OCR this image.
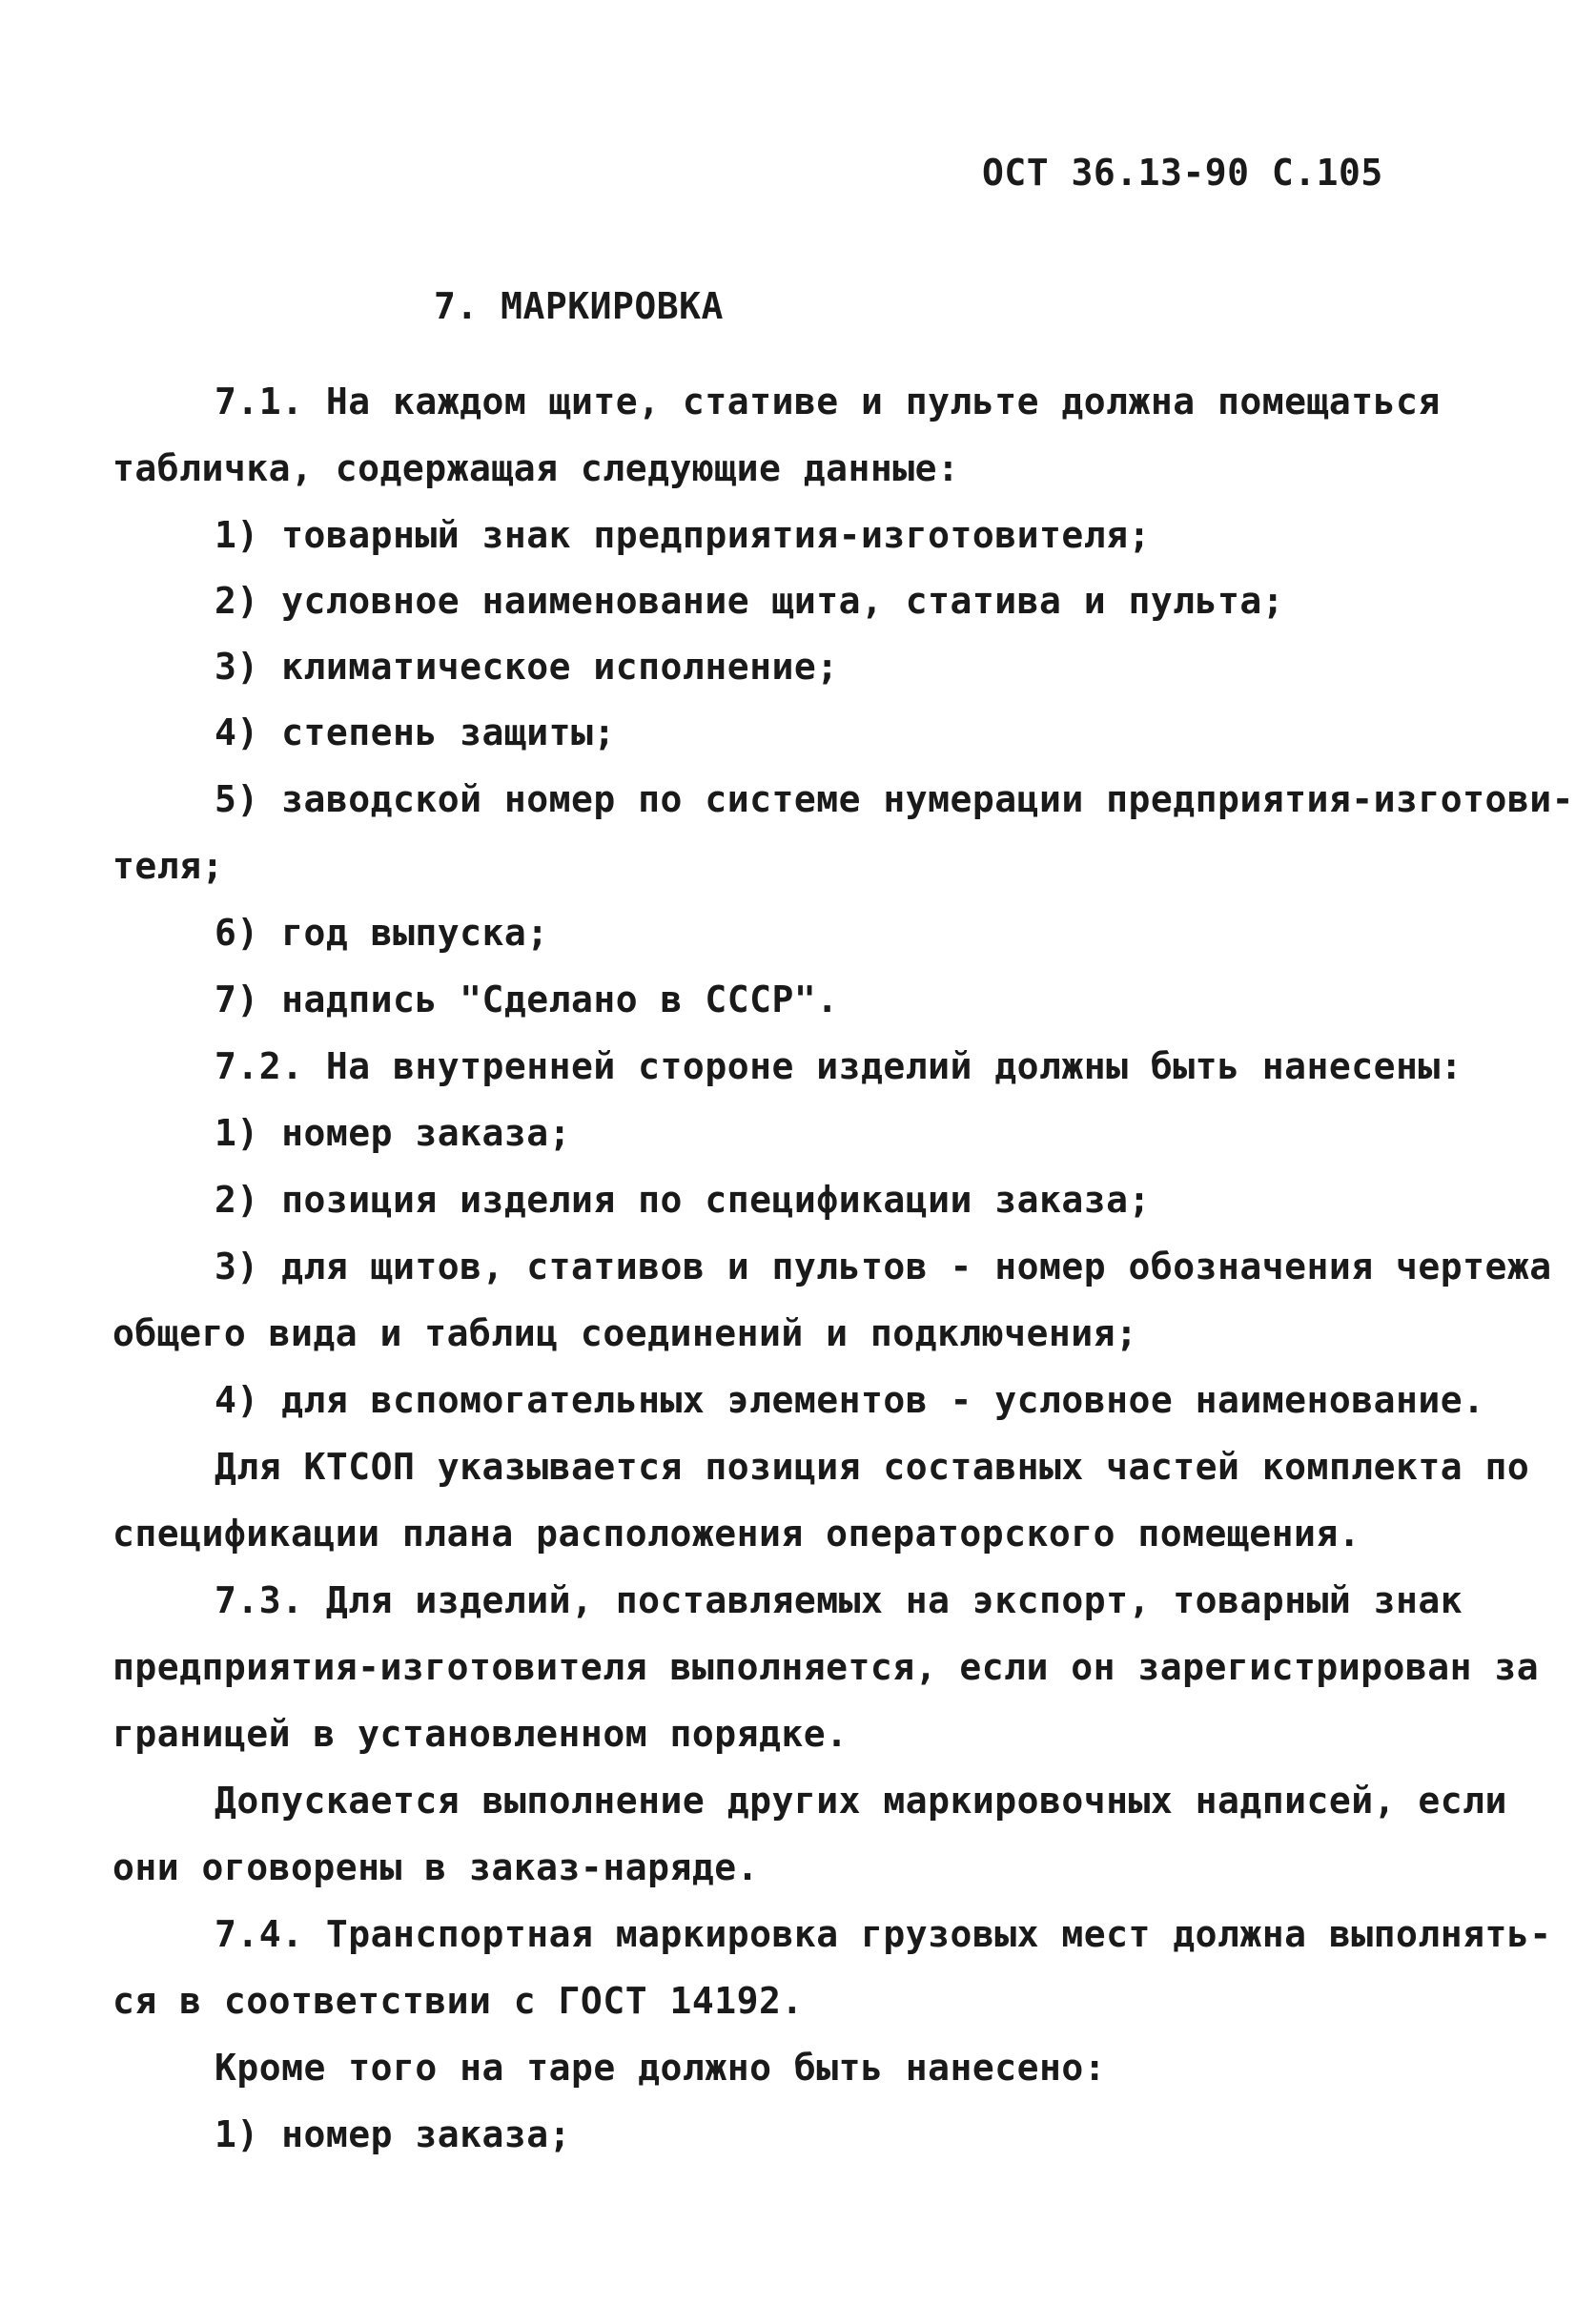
ОСТ 36.13-90 С.105
7. МАРКИРОВКА
7.1. На каждом щите, стативе и пульте должна помещаться
табличка, содержащая следующие данные:
1) товарный знак предприятия-изготовителя;
2) условное наименование щита, статива и пульта;
3) климатическое исполнение;
4) степень защиты;
5) заводской номер по системе нумерации предприятия-изготови-
теля;
6) год выпуска;
7) надпись "Сделано в СССР".
7.2. На внутренней стороне изделий должны быть нанесены:
1) номер заказа;
2) позиция изделия по спецификации заказа;
3) для щитов, стативов и пультов - номер обозначения чертежа
общего вида и таблиц соединений и подключения;
4) для вспомогательных элементов - условное наименование.
Для КТСОП указывается позиция составных частей комплекта по
спецификации плана расположения операторского помещения.
7.3. Для изделий, поставляемых на экспорт, товарный знак
предприятия-изготовителя выполняется, если он зарегистрирован за
границей в установленном порядке.
Допускается выполнение других маркировочных надписей, если
они оговорены в заказ-наряде.
7.4. Транспортная маркировка грузовых мест должна выполнять-
ся в соответствии с ГОСТ 14192.
Кроме того на таре должно быть нанесено:
1) номер заказа;
